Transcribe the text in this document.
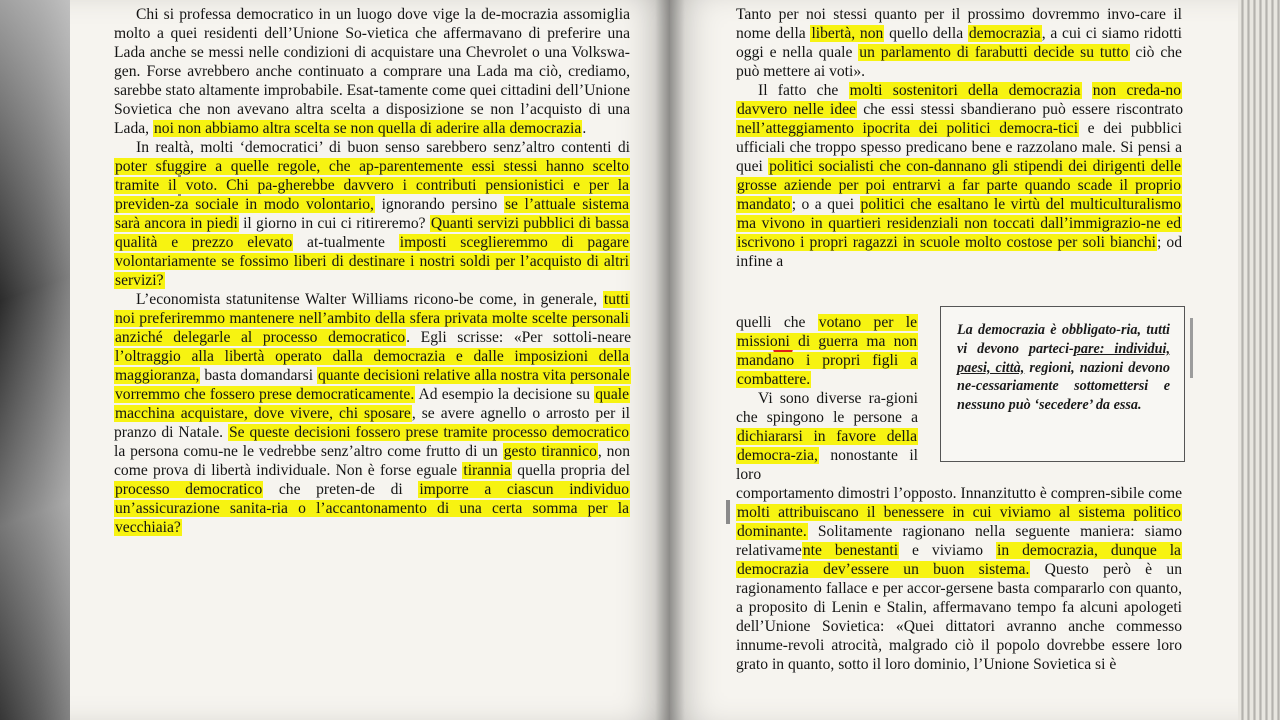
La democrazia è obbligato-ria, tutti vi devono parteci-pare: individui, paesi, città, regioni, nazioni devono ne-cessariamente sottomettersi e nessuno può ‘secedere’ da essa.

Chi si professa democratico in un luogo dove vige la de-mocrazia assomiglia molto a quei residenti dell’Unione So-vietica che affermavano di preferire una Lada anche se messi nelle condizioni di acquistare una Chevrolet o una Volkswa-gen. Forse avrebbero anche continuato a comprare una Lada ma ciò, crediamo, sarebbe stato altamente improbabile. Esat-tamente come quei cittadini dell’Unione Sovietica che non avevano altra scelta a disposizione se non l’acquisto di una Lada, noi non abbiamo altra scelta se non quella di aderire alla democrazia.

In realtà, molti ‘democratici’ di buon senso sarebbero senz’altro contenti di poter sfuggire a quelle regole, che ap-parentemente essi stessi hanno scelto tramite il voto. Chi pa-gherebbe davvero i contributi pensionistici e per la previden-za sociale in modo volontario, ignorando persino se l’attuale sistema sarà ancora in piedi il giorno in cui ci ritireremo? Quanti servizi pubblici di bassa qualità e prezzo elevato at-tualmente imposti sceglieremmo di pagare volontariamente se fossimo liberi di destinare i nostri soldi per l’acquisto di altri servizi?

L’economista statunitense Walter Williams ricono-be come, in generale, tutti noi preferiremmo mantenere nell’ambito della sfera privata molte scelte personali anziché delegarle al processo democratico. Egli scrisse: «Per sottoli-neare l’oltraggio alla libertà operato dalla democrazia e dalle imposizioni della maggioranza, basta domandarsi quante decisioni relative alla nostra vita personale vorremmo che fossero prese democraticamente. Ad esempio la decisione su quale macchina acquistare, dove vivere, chi sposare, se avere agnello o arrosto per il pranzo di Natale. Se queste decisioni fossero prese tramite processo democratico la persona comu-ne le vedrebbe senz’altro come frutto di un gesto tirannico, non come prova di libertà individuale. Non è forse eguale tirannia quella propria del processo democratico che preten-de di imporre a ciascun individuo un’assicurazione sanita-ria o l’accantonamento di una certa somma per la vecchiaia?

Tanto per noi stessi quanto per il prossimo dovremmo invo-care il nome della libertà, non quello della democrazia, a cui ci siamo ridotti oggi e nella quale un parlamento di farabutti decide su tutto ciò che può mettere ai voti».

Il fatto che molti sostenitori della democrazia non creda-no davvero nelle idee che essi stessi sbandierano può essere riscontrato nell’atteggiamento ipocrita dei politici democra-tici e dei pubblici ufficiali che troppo spesso predicano bene e razzolano male. Si pensi a quei politici socialisti che con-dannano gli stipendi dei dirigenti delle grosse aziende per poi entrarvi a far parte quando scade il proprio mandato; o a quei politici che esaltano le virtù del multiculturalismo ma vivono in quartieri residenziali non toccati dall’immigrazio-ne ed iscrivono i propri ragazzi in scuole molto costose per soli bianchi; od infine a

quelli che votano per le missioni di guerra ma non mandano i propri figli a combattere.

Vi sono diverse ra-gioni che spingono le persone a dichiararsi in favore della democra-zia, nonostante il loro

comportamento dimostri l’opposto. Innanzitutto è compren-sibile come molti attribuiscano il benessere in cui viviamo al sistema politico dominante. Solitamente ragionano nella seguente maniera: siamo relativamente benestanti e viviamo in democrazia, dunque la democrazia dev’essere un buon sistema. Questo però è un ragionamento fallace e per accor-gersene basta compararlo con quanto, a proposito di Lenin e Stalin, affermavano tempo fa alcuni apologeti dell’Unione Sovietica: «Quei dittatori avranno anche commesso innume-revoli atrocità, malgrado ciò il popolo dovrebbe essere loro grato in quanto, sotto il loro dominio, l’Unione Sovietica si è
